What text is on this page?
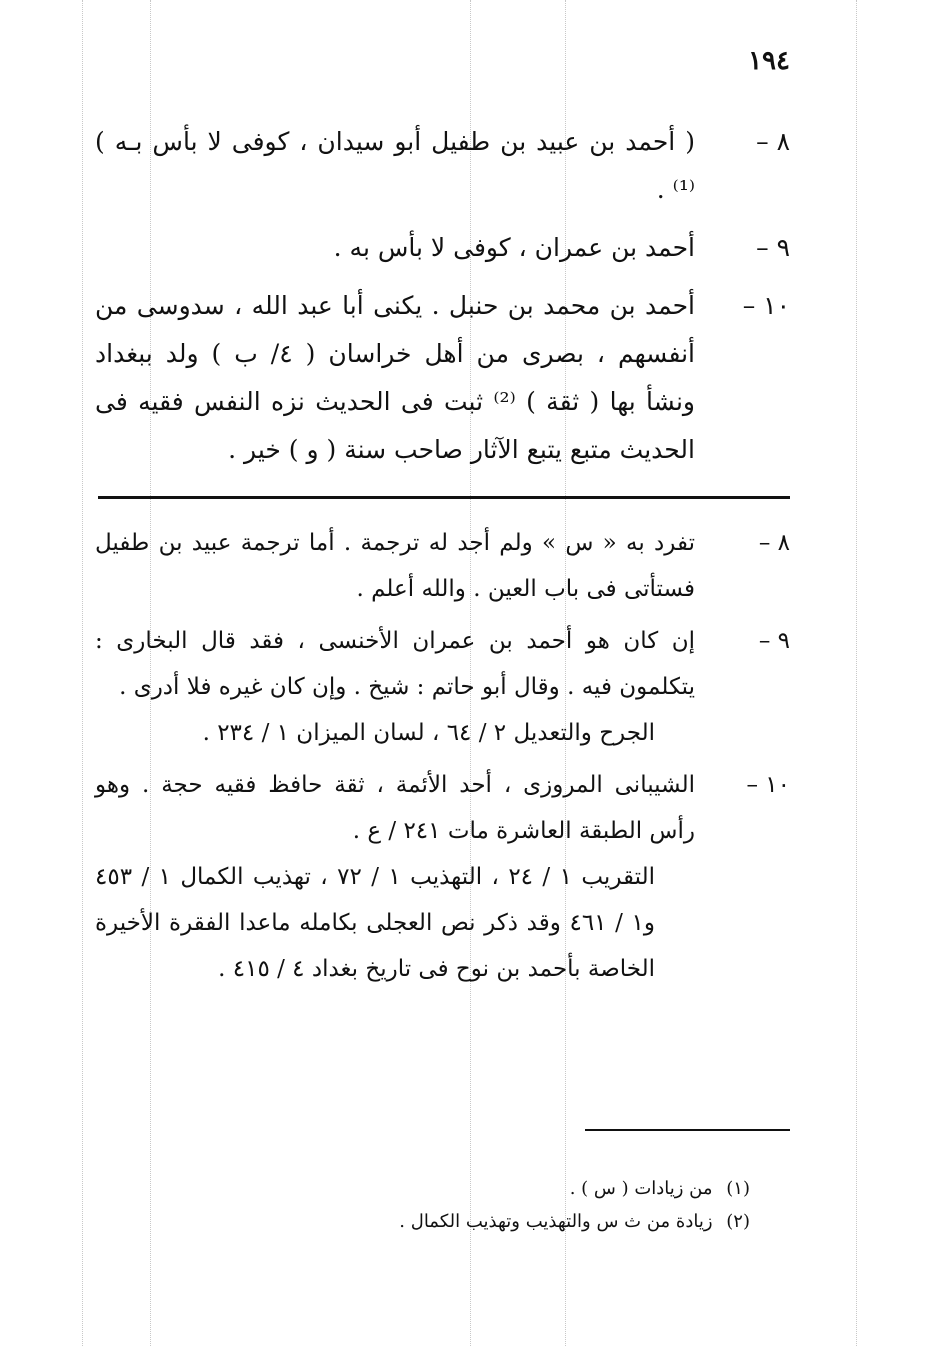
١٩٤
٨ –
( أحمد بن عبيد بن طفيل أبو سيدان ، كوفى لا بأس بـه ) ⁽¹⁾ .
٩ –
أحمد بن عمران ، كوفى لا بأس به .
١٠ –
أحمد بن محمد بن حنبل . يكنى أبا عبد الله ، سدوسى من أنفسهم ، بصرى من أهل خراسان ( ٤/ ب ) ولد ببغداد ونشأ بها ( ثقة ) ⁽²⁾ ثبت فى الحديث نزه النفس فقيه فى الحديث متبع يتبع الآثار صاحب سنة ( و ) خير .
٨ –
تفرد به « س » ولم أجد له ترجمة . أما ترجمة عبيد بن طفيل فستأتى فى باب العين . والله أعلم .
٩ –
إن كان هو أحمد بن عمران الأخنسى ، فقد قال البخارى : يتكلمون فيه . وقال أبو حاتم : شيخ . وإن كان غيره فلا أدرى .
الجرح والتعديل ٢ / ٦٤ ، لسان الميزان ١ / ٢٣٤ .
١٠ –
الشيبانى المروزى ، أحد الأئمة ، ثقة حافظ فقيه حجة . وهو رأس الطبقة العاشرة مات ٢٤١ / ع .
التقريب ١ / ٢٤ ، التهذيب ١ / ٧٢ ، تهذيب الكمال ١ / ٤٥٣ و١ / ٤٦١ وقد ذكر نص العجلى بكامله ماعدا الفقرة الأخيرة الخاصة بأحمد بن نوح فى تاريخ بغداد ٤ / ٤١٥ .
(١) من زيادات ( س ) .
(٢) زيادة من ث س والتهذيب وتهذيب الكمال .
